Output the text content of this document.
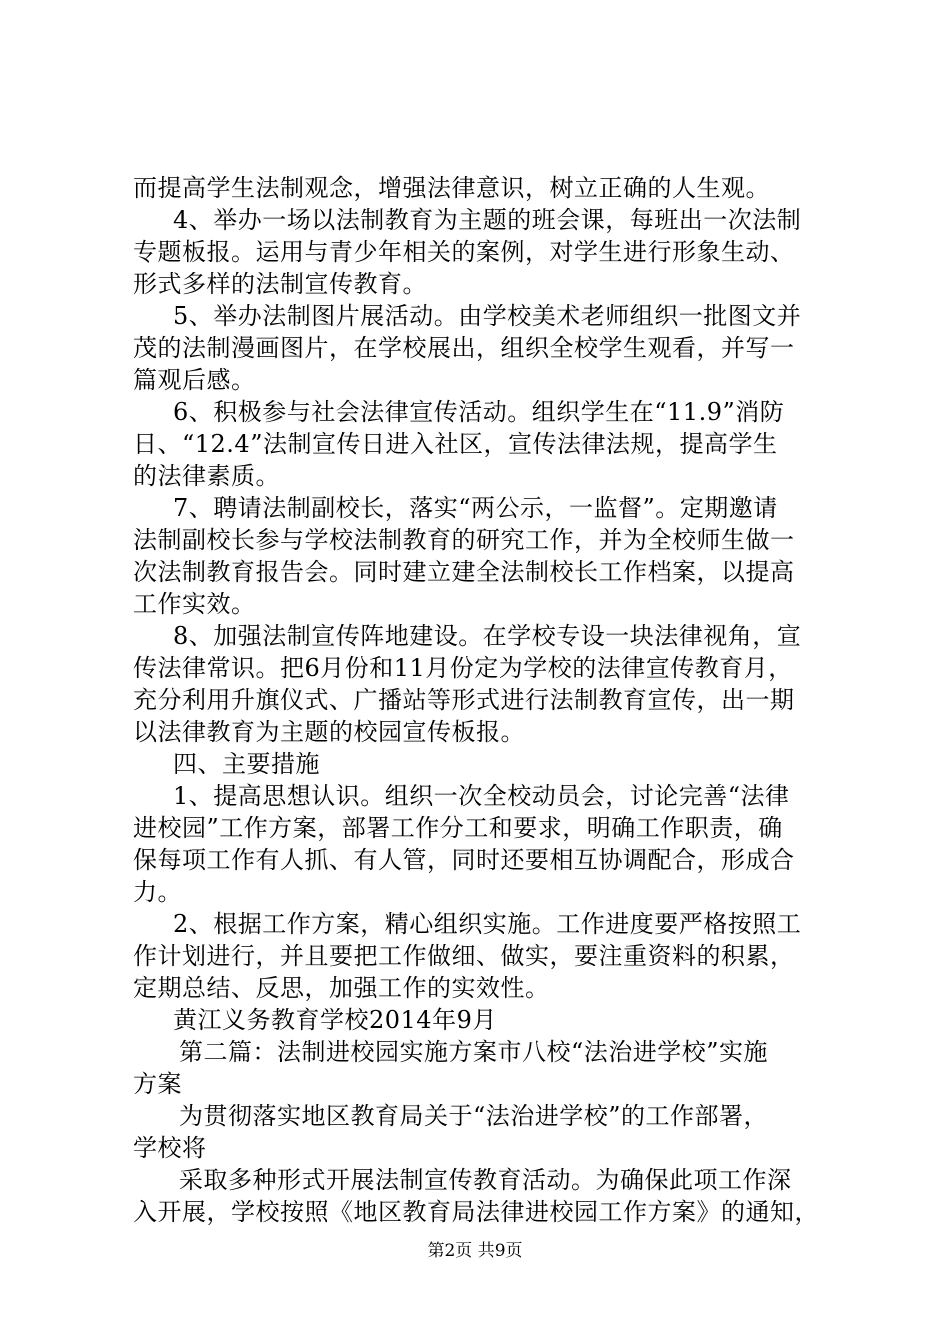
而提高学生法制观念，增强法律意识，树立正确的人生观。

4、举办一场以法制教育为主题的班会课，每班出一次法制

专题板报。运用与青少年相关的案例，对学生进行形象生动、

形式多样的法制宣传教育。

5、举办法制图片展活动。由学校美术老师组织一批图文并

茂的法制漫画图片，在学校展出，组织全校学生观看，并写一

篇观后感。

6、积极参与社会法律宣传活动。组织学生在“11.9”消防

日、“12.4”法制宣传日进入社区，宣传法律法规，提高学生

的法律素质。

7、聘请法制副校长，落实“两公示，一监督”。定期邀请

法制副校长参与学校法制教育的研究工作，并为全校师生做一

次法制教育报告会。同时建立建全法制校长工作档案，以提高

工作实效。

8、加强法制宣传阵地建设。在学校专设一块法律视角，宣

传法律常识。把6月份和11月份定为学校的法律宣传教育月，

充分利用升旗仪式、广播站等形式进行法制教育宣传，出一期

以法律教育为主题的校园宣传板报。

四、主要措施

1、提高思想认识。组织一次全校动员会，讨论完善“法律

进校园”工作方案，部署工作分工和要求，明确工作职责，确

保每项工作有人抓、有人管，同时还要相互协调配合，形成合

力。

2、根据工作方案，精心组织实施。工作进度要严格按照工

作计划进行，并且要把工作做细、做实，要注重资料的积累，

定期总结、反思，加强工作的实效性。

黄江义务教育学校2014年9月

第二篇：法制进校园实施方案市八校“法治进学校”实施

方案

为贯彻落实地区教育局关于“法治进学校”的工作部署，

学校将

采取多种形式开展法制宣传教育活动。为确保此项工作深

入开展，学校按照《地区教育局法律进校园工作方案》的通知，

第2页 共9页
